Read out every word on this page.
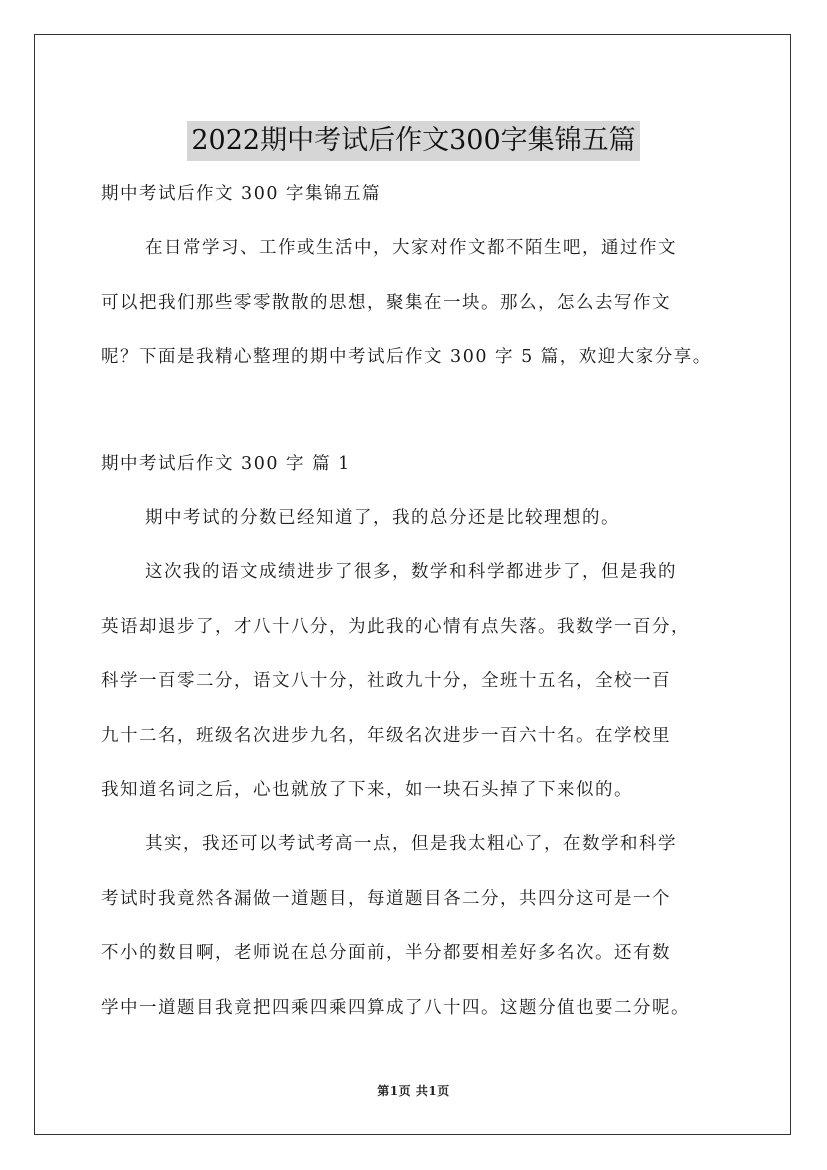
2022期中考试后作文300字集锦五篇

期中考试后作文 300 字集锦五篇

在日常学习、工作或生活中，大家对作文都不陌生吧，通过作文
可以把我们那些零零散散的思想，聚集在一块。那么，怎么去写作文
呢？下面是我精心整理的期中考试后作文 300 字 5 篇，欢迎大家分享。

期中考试后作文 300 字 篇 1

期中考试的分数已经知道了，我的总分还是比较理想的。
这次我的语文成绩进步了很多，数学和科学都进步了，但是我的
英语却退步了，才八十八分，为此我的心情有点失落。我数学一百分，
科学一百零二分，语文八十分，社政九十分，全班十五名，全校一百
九十二名，班级名次进步九名，年级名次进步一百六十名。在学校里
我知道名词之后，心也就放了下来，如一块石头掉了下来似的。
其实，我还可以考试考高一点，但是我太粗心了，在数学和科学
考试时我竟然各漏做一道题目，每道题目各二分，共四分这可是一个
不小的数目啊，老师说在总分面前，半分都要相差好多名次。还有数
学中一道题目我竟把四乘四乘四算成了八十四。这题分值也要二分呢。
第1页 共1页
